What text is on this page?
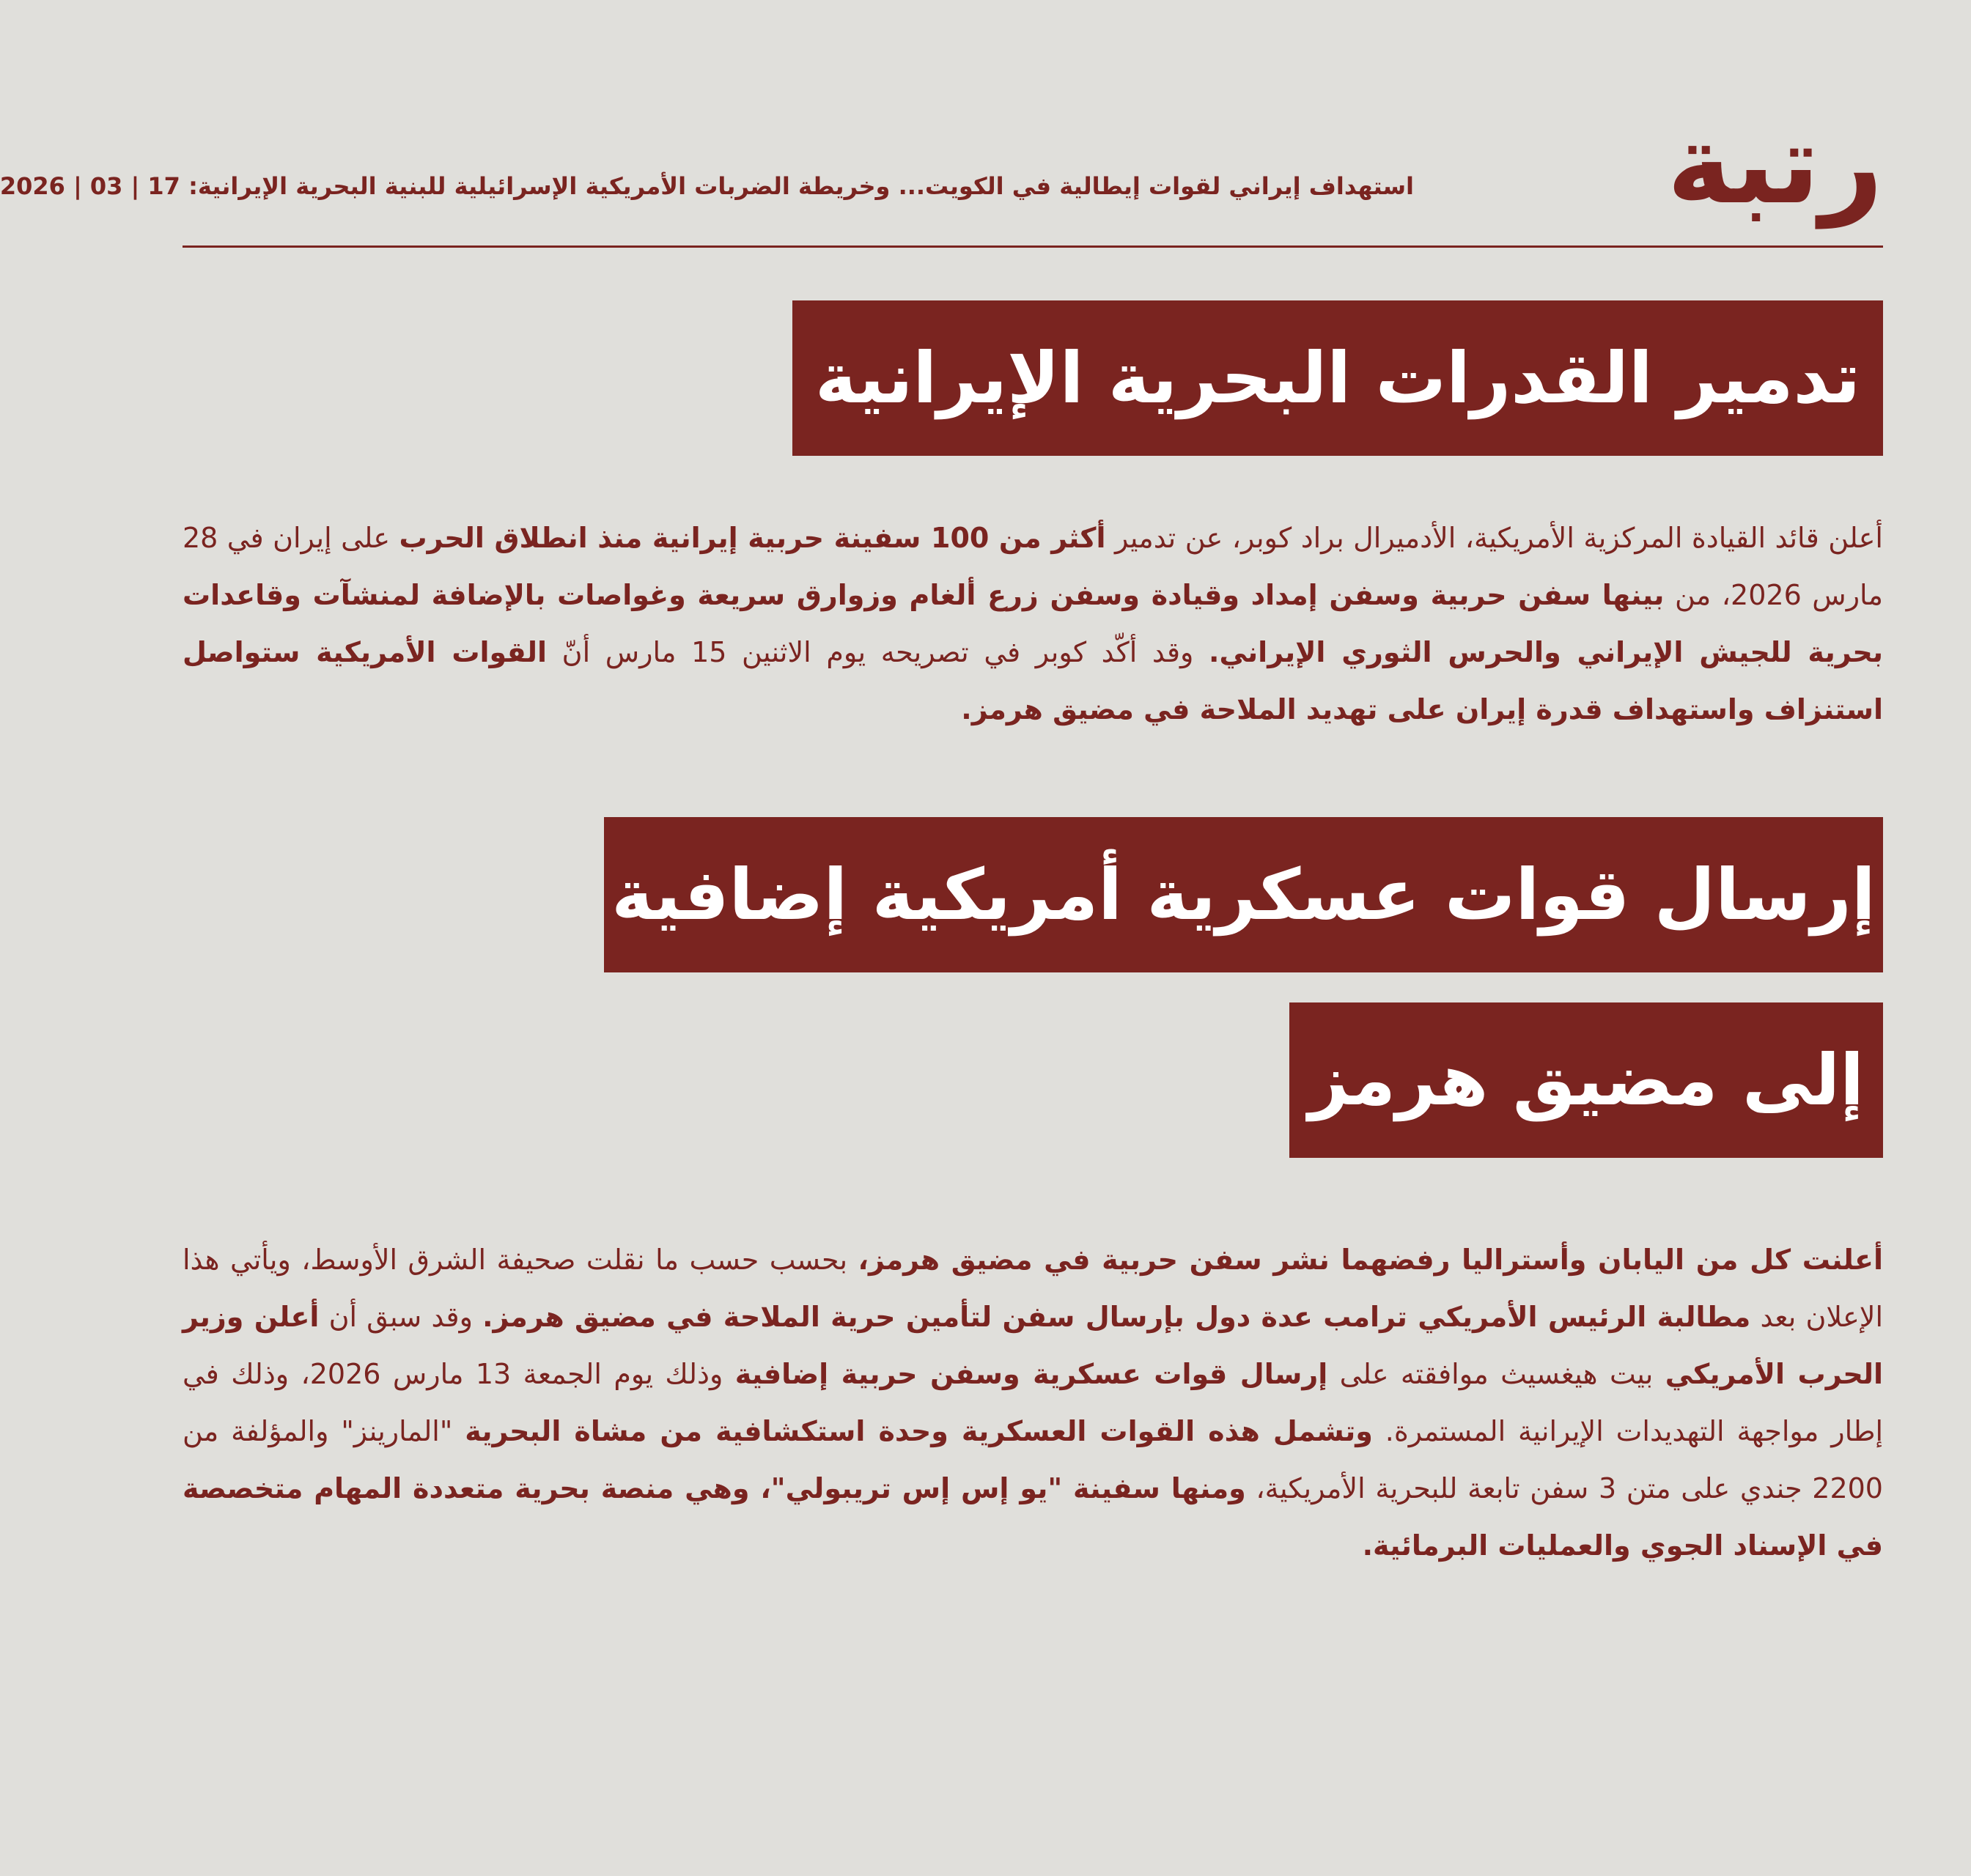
رتبة
استهداف إيراني لقوات إيطالية في الكويت... وخريطة الضربات الأمريكية الإسرائيلية للبنية البحرية الإيرانية: 17 | 03 | 2026
تدمير القدرات البحرية الإيرانية
أعلن قائد القيادة المركزية الأمريكية، الأدميرال براد كوبر، عن تدمير أكثر من 100 سفينة حربية إيرانية منذ انطلاق الحرب على إيران في 28 مارس 2026، من بينها سفن حربية وسفن إمداد وقيادة وسفن زرع ألغام وزوارق سريعة وغواصات بالإضافة لمنشآت وقاعدات بحرية للجيش الإيراني والحرس الثوري الإيراني. وقد أكّد كوبر في تصريحه يوم الاثنين 15 مارس أنّ القوات الأمريكية ستواصل استنزاف واستهداف قدرة إيران على تهديد الملاحة في مضيق هرمز.
إرسال قوات عسكرية أمريكية إضافية
إلى مضيق هرمز
أعلنت كل من اليابان وأستراليا رفضهما نشر سفن حربية في مضيق هرمز، بحسب حسب ما نقلت صحيفة الشرق الأوسط، ويأتي هذا الإعلان بعد مطالبة الرئيس الأمريكي ترامب عدة دول بإرسال سفن لتأمين حرية الملاحة في مضيق هرمز. وقد سبق أن أعلن وزير الحرب الأمريكي بيت هيغسيث موافقته على إرسال قوات عسكرية وسفن حربية إضافية وذلك يوم الجمعة 13 مارس 2026، وذلك في إطار مواجهة التهديدات الإيرانية المستمرة. وتشمل هذه القوات العسكرية وحدة استكشافية من مشاة البحرية "المارينز" والمؤلفة من 2200 جندي على متن 3 سفن تابعة للبحرية الأمريكية، ومنها سفينة "يو إس إس تريبولي"، وهي منصة بحرية متعددة المهام متخصصة في الإسناد الجوي والعمليات البرمائية.
